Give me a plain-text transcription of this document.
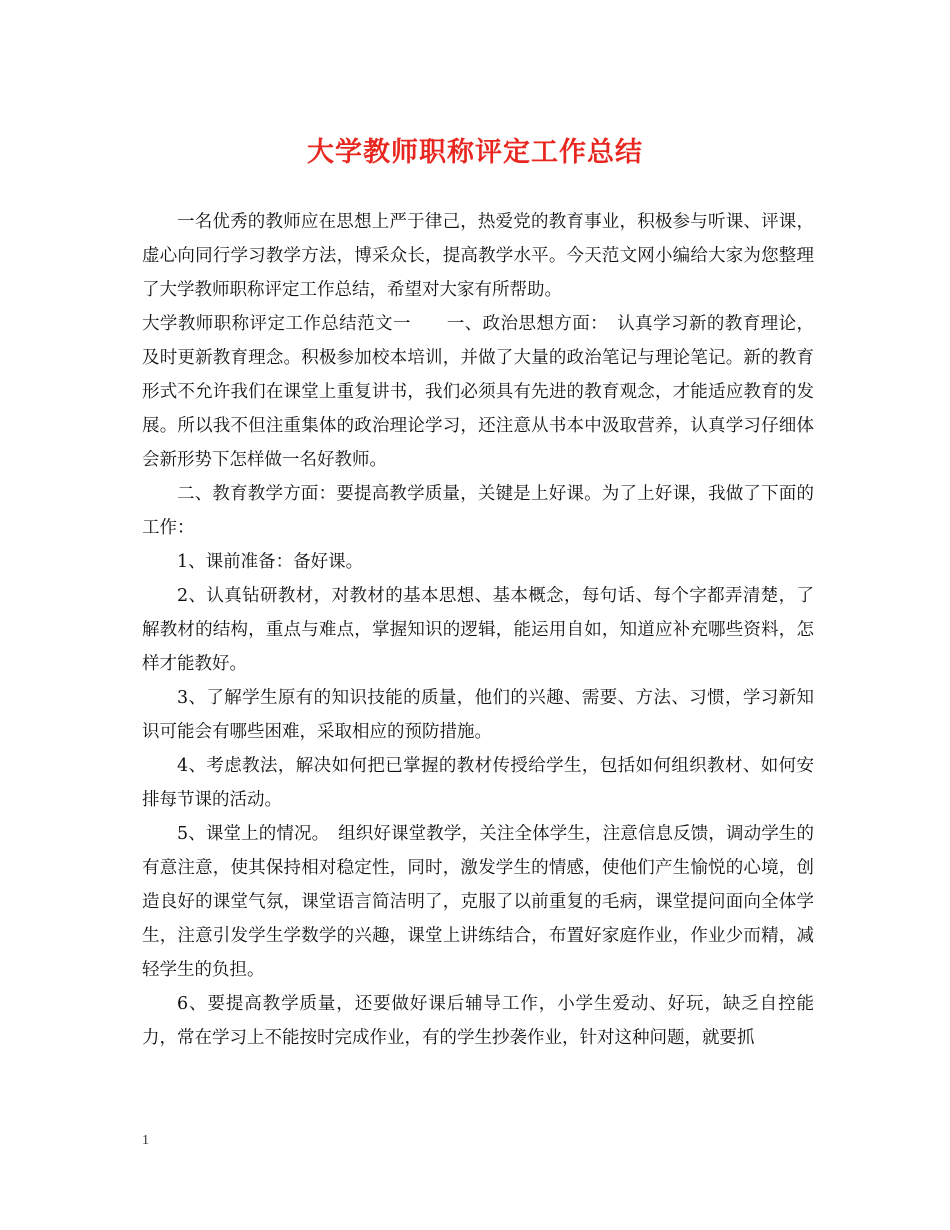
大学教师职称评定工作总结

一名优秀的教师应在思想上严于律己，热爱党的教育事业，积极参与听课、评课，虚心向同行学习教学方法，博采众长，提高教学水平。今天范文网小编给大家为您整理了大学教师职称评定工作总结，希望对大家有所帮助。

大学教师职称评定工作总结范文一　　一、政治思想方面：　认真学习新的教育理论，及时更新教育理念。积极参加校本培训，并做了大量的政治笔记与理论笔记。新的教育形式不允许我们在课堂上重复讲书，我们必须具有先进的教育观念，才能适应教育的发展。所以我不但注重集体的政治理论学习，还注意从书本中汲取营养，认真学习仔细体会新形势下怎样做一名好教师。

二、教育教学方面：要提高教学质量，关键是上好课。为了上好课，我做了下面的工作：

1、课前准备：备好课。

2、认真钻研教材，对教材的基本思想、基本概念，每句话、每个字都弄清楚，了解教材的结构，重点与难点，掌握知识的逻辑，能运用自如，知道应补充哪些资料，怎样才能教好。

3、了解学生原有的知识技能的质量，他们的兴趣、需要、方法、习惯，学习新知识可能会有哪些困难，采取相应的预防措施。

4、考虑教法，解决如何把已掌握的教材传授给学生，包括如何组织教材、如何安排每节课的活动。

5、课堂上的情况。　组织好课堂教学，关注全体学生，注意信息反馈，调动学生的有意注意，使其保持相对稳定性，同时，激发学生的情感，使他们产生愉悦的心境，创造良好的课堂气氛，课堂语言简洁明了，克服了以前重复的毛病，课堂提问面向全体学生，注意引发学生学数学的兴趣，课堂上讲练结合，布置好家庭作业，作业少而精，减轻学生的负担。

6、要提高教学质量，还要做好课后辅导工作，小学生爱动、好玩，缺乏自控能力，常在学习上不能按时完成作业，有的学生抄袭作业，针对这种问题，就要抓

1
